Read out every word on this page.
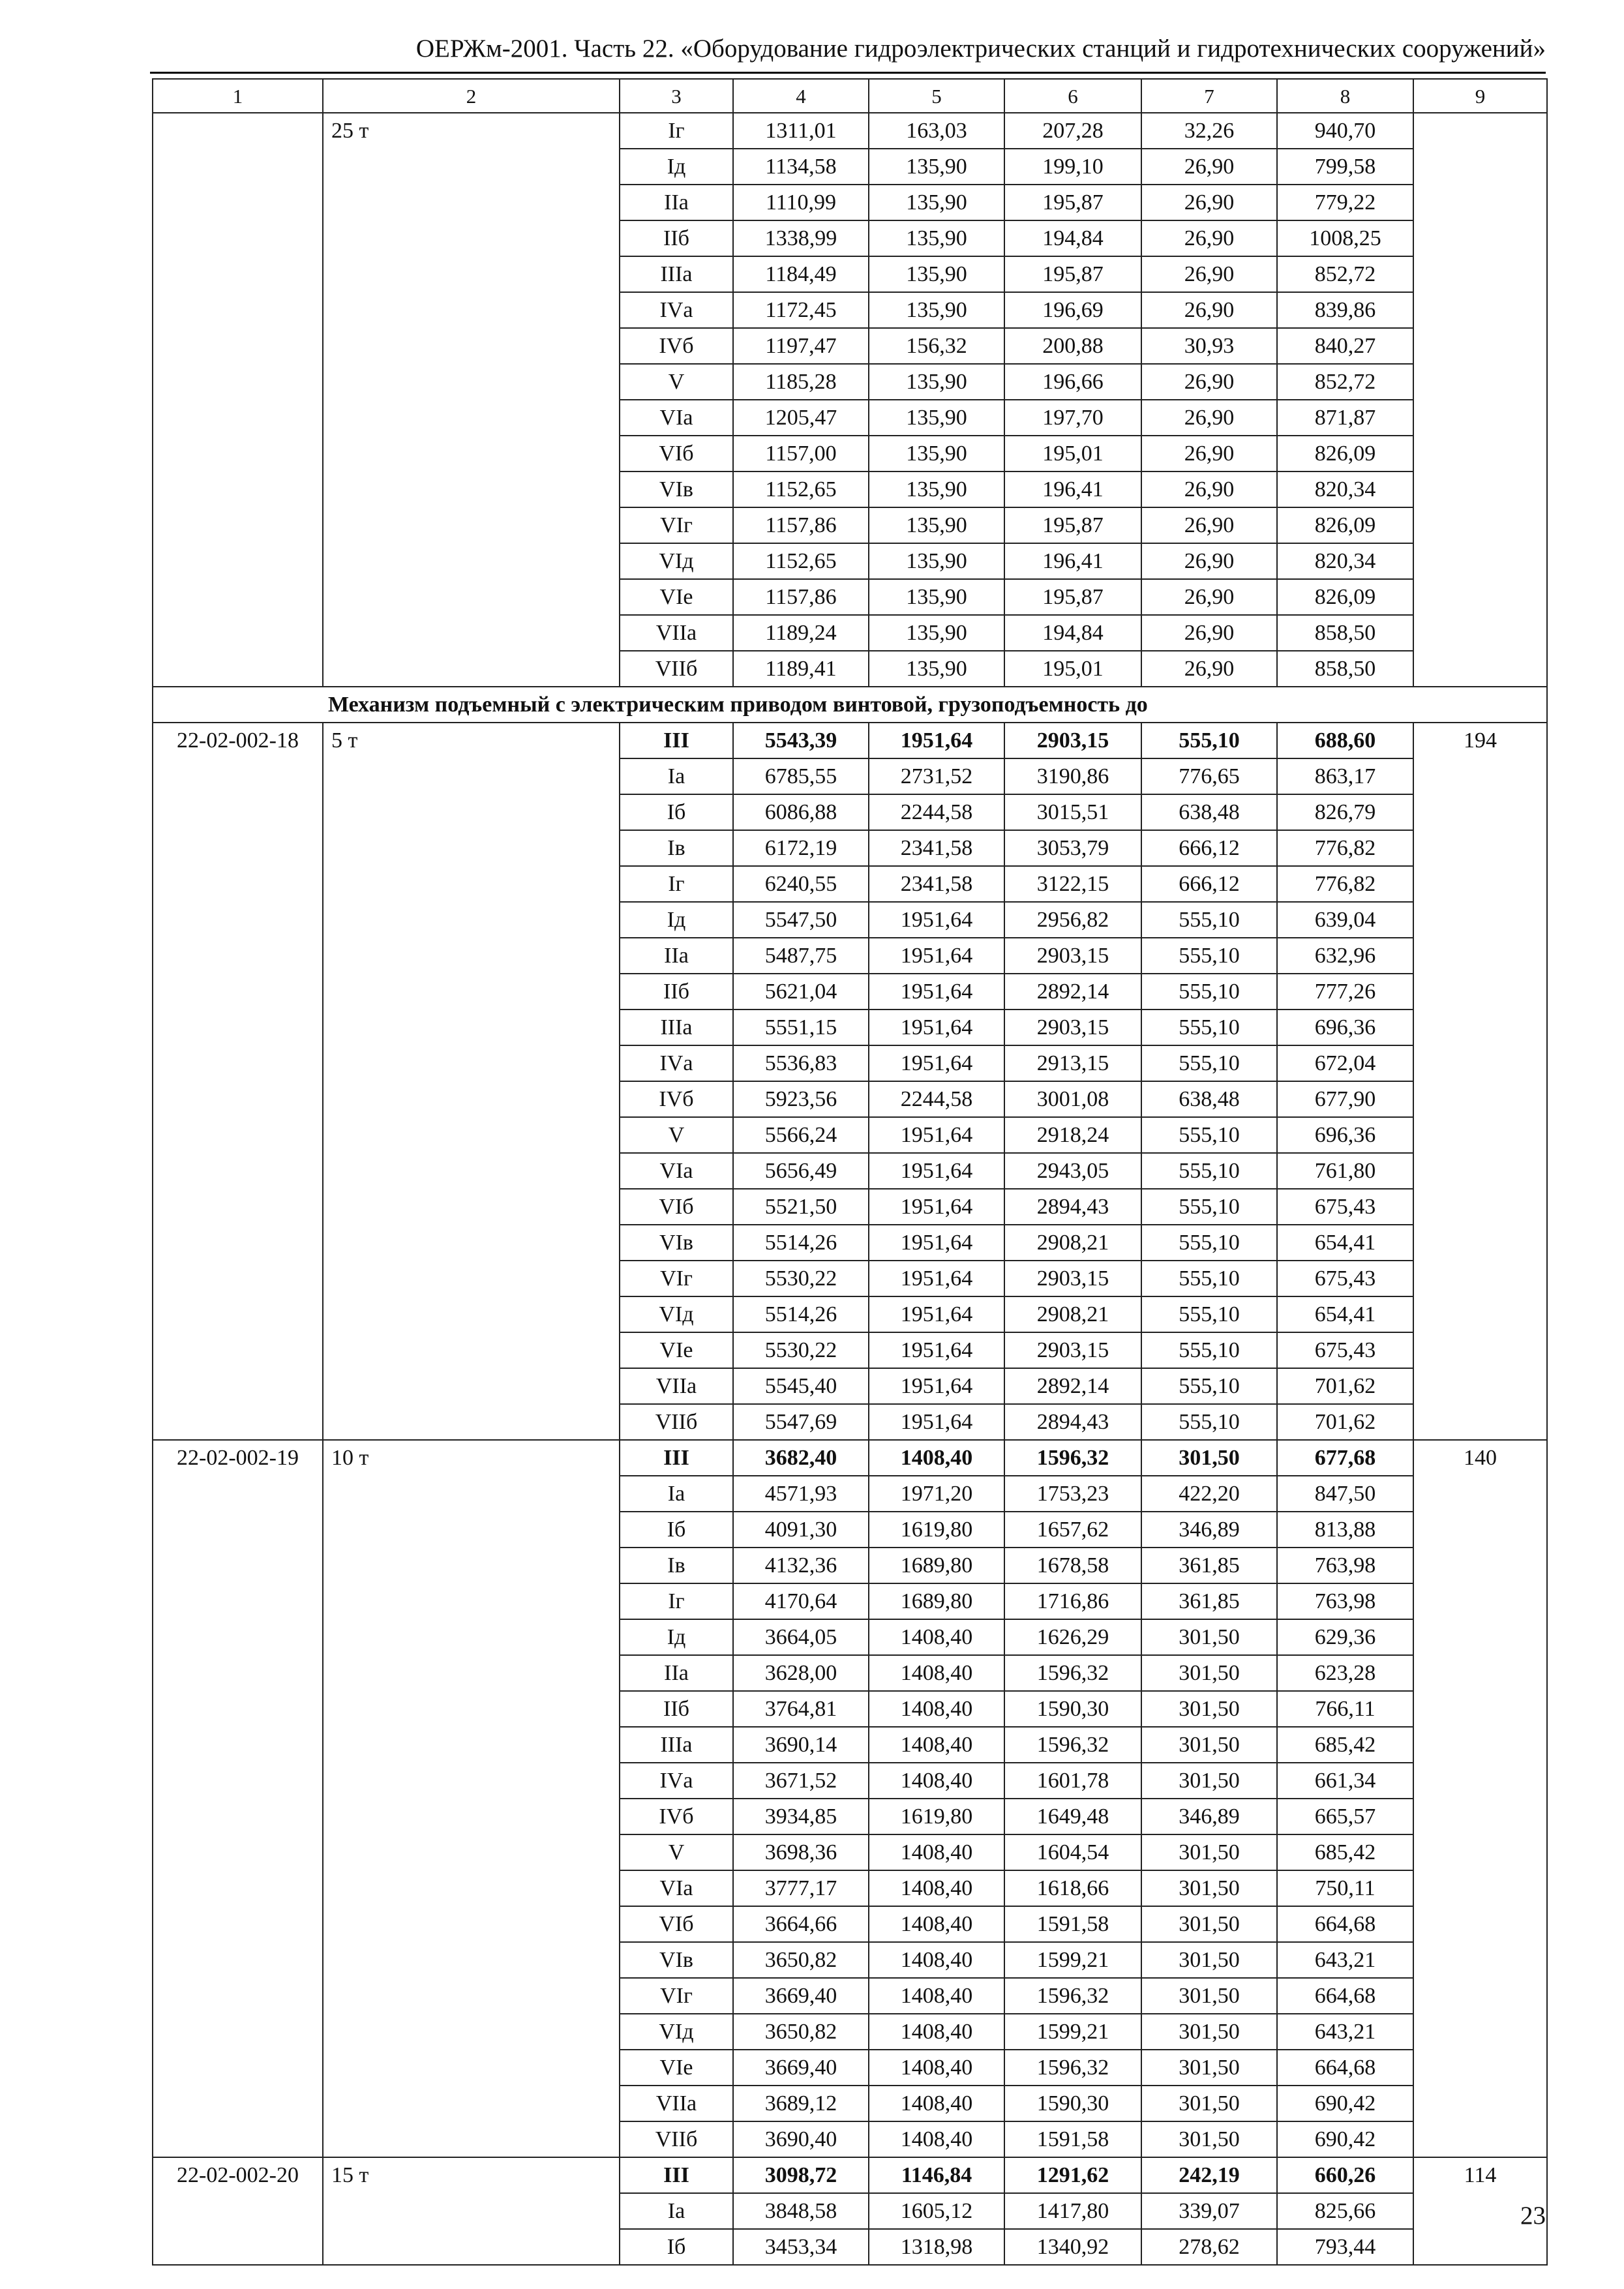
ОЕРЖм-2001. Часть 22. «Оборудование гидроэлектрических станций и гидротехнических сооружений»
1	2	3	4	5	6	7	8	9
	25 т	Iг	1311,01	163,03	207,28	32,26	940,70	
		Iд	1134,58	135,90	199,10	26,90	799,58	
		IIа	1110,99	135,90	195,87	26,90	779,22	
		IIб	1338,99	135,90	194,84	26,90	1008,25	
		IIIа	1184,49	135,90	195,87	26,90	852,72	
		IVа	1172,45	135,90	196,69	26,90	839,86	
		IVб	1197,47	156,32	200,88	30,93	840,27	
		V	1185,28	135,90	196,66	26,90	852,72	
		VIа	1205,47	135,90	197,70	26,90	871,87	
		VIб	1157,00	135,90	195,01	26,90	826,09	
		VIв	1152,65	135,90	196,41	26,90	820,34	
		VIг	1157,86	135,90	195,87	26,90	826,09	
		VIд	1152,65	135,90	196,41	26,90	820,34	
		VIе	1157,86	135,90	195,87	26,90	826,09	
		VIIа	1189,24	135,90	194,84	26,90	858,50	
		VIIб	1189,41	135,90	195,01	26,90	858,50	
Механизм подъемный с электрическим приводом винтовой, грузоподъемность до								
22-02-002-18	5 т	III	5543,39	1951,64	2903,15	555,10	688,60	194
		Iа	6785,55	2731,52	3190,86	776,65	863,17	
		Iб	6086,88	2244,58	3015,51	638,48	826,79	
		Iв	6172,19	2341,58	3053,79	666,12	776,82	
		Iг	6240,55	2341,58	3122,15	666,12	776,82	
		Iд	5547,50	1951,64	2956,82	555,10	639,04	
		IIа	5487,75	1951,64	2903,15	555,10	632,96	
		IIб	5621,04	1951,64	2892,14	555,10	777,26	
		IIIа	5551,15	1951,64	2903,15	555,10	696,36	
		IVа	5536,83	1951,64	2913,15	555,10	672,04	
		IVб	5923,56	2244,58	3001,08	638,48	677,90	
		V	5566,24	1951,64	2918,24	555,10	696,36	
		VIа	5656,49	1951,64	2943,05	555,10	761,80	
		VIб	5521,50	1951,64	2894,43	555,10	675,43	
		VIв	5514,26	1951,64	2908,21	555,10	654,41	
		VIг	5530,22	1951,64	2903,15	555,10	675,43	
		VIд	5514,26	1951,64	2908,21	555,10	654,41	
		VIе	5530,22	1951,64	2903,15	555,10	675,43	
		VIIа	5545,40	1951,64	2892,14	555,10	701,62	
		VIIб	5547,69	1951,64	2894,43	555,10	701,62	
22-02-002-19	10 т	III	3682,40	1408,40	1596,32	301,50	677,68	140
		Iа	4571,93	1971,20	1753,23	422,20	847,50	
		Iб	4091,30	1619,80	1657,62	346,89	813,88	
		Iв	4132,36	1689,80	1678,58	361,85	763,98	
		Iг	4170,64	1689,80	1716,86	361,85	763,98	
		Iд	3664,05	1408,40	1626,29	301,50	629,36	
		IIа	3628,00	1408,40	1596,32	301,50	623,28	
		IIб	3764,81	1408,40	1590,30	301,50	766,11	
		IIIа	3690,14	1408,40	1596,32	301,50	685,42	
		IVа	3671,52	1408,40	1601,78	301,50	661,34	
		IVб	3934,85	1619,80	1649,48	346,89	665,57	
		V	3698,36	1408,40	1604,54	301,50	685,42	
		VIа	3777,17	1408,40	1618,66	301,50	750,11	
		VIб	3664,66	1408,40	1591,58	301,50	664,68	
		VIв	3650,82	1408,40	1599,21	301,50	643,21	
		VIг	3669,40	1408,40	1596,32	301,50	664,68	
		VIд	3650,82	1408,40	1599,21	301,50	643,21	
		VIе	3669,40	1408,40	1596,32	301,50	664,68	
		VIIа	3689,12	1408,40	1590,30	301,50	690,42	
		VIIб	3690,40	1408,40	1591,58	301,50	690,42	
22-02-002-20	15 т	III	3098,72	1146,84	1291,62	242,19	660,26	114
		Iа	3848,58	1605,12	1417,80	339,07	825,66	
		Iб	3453,34	1318,98	1340,92	278,62	793,44	
23
